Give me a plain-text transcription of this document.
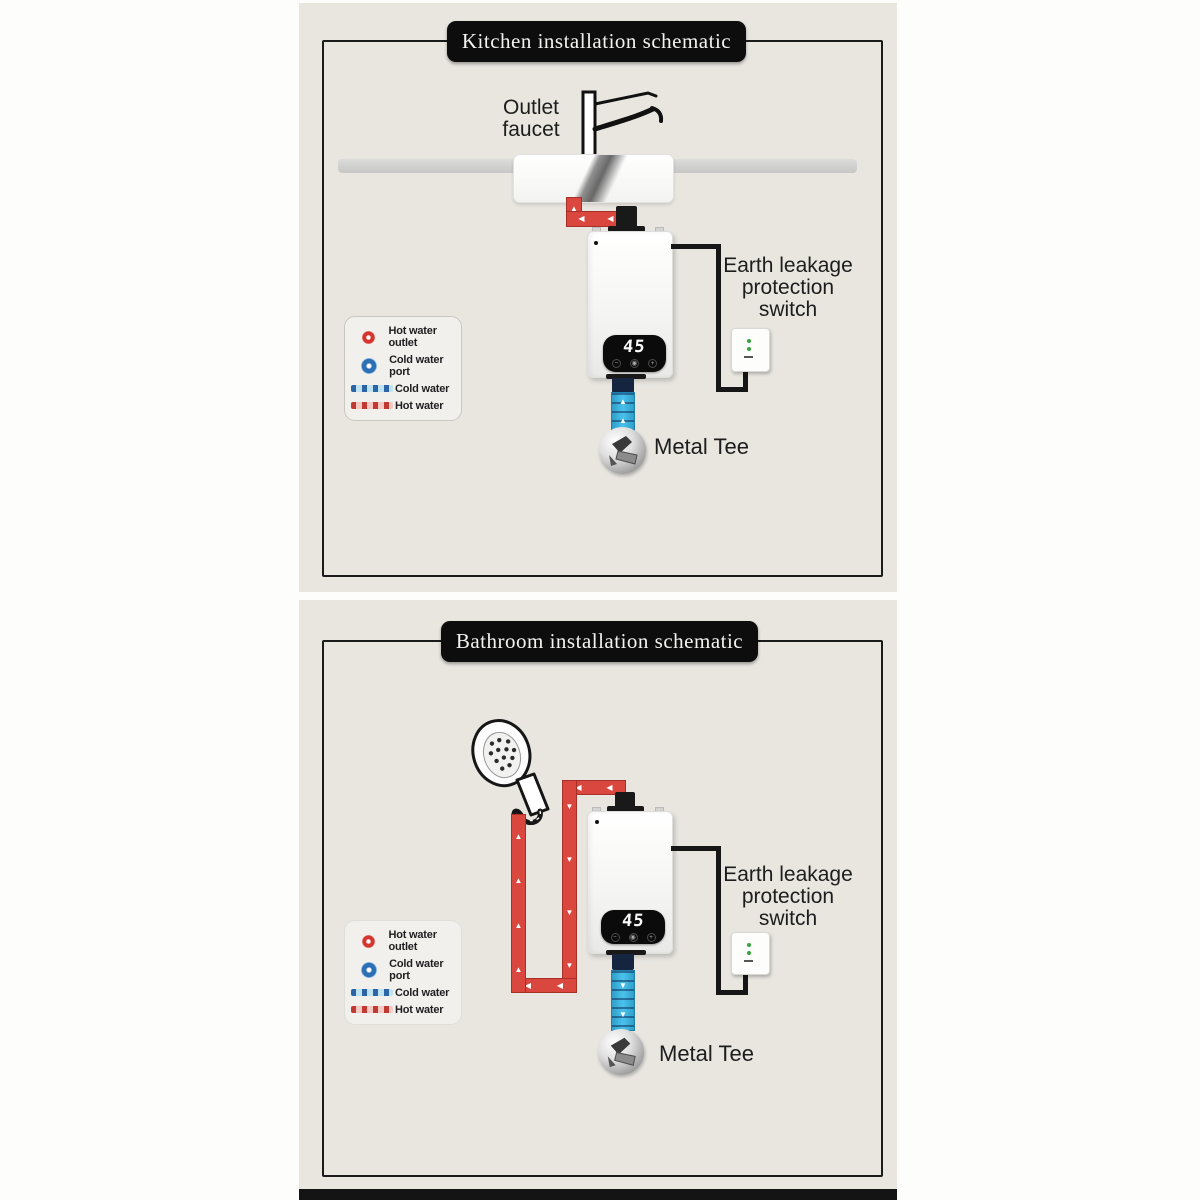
Kitchen installation schematic
Outlet
faucet
▲
◀
◀
45
−	◉	+
Earth leakage
protection
switch
Hot water outlet
Cold water port
Cold water
Hot water
▲
▲
Metal Tee
Bathroom installation schematic
◀
◀
▼
▼
▼
▼
◀
◀
▲
▲
▲
▲
45
−	◉	+
Earth leakage
protection
switch
Hot water outlet
Cold water port
Cold water
Hot water
▼
▼
Metal Tee
